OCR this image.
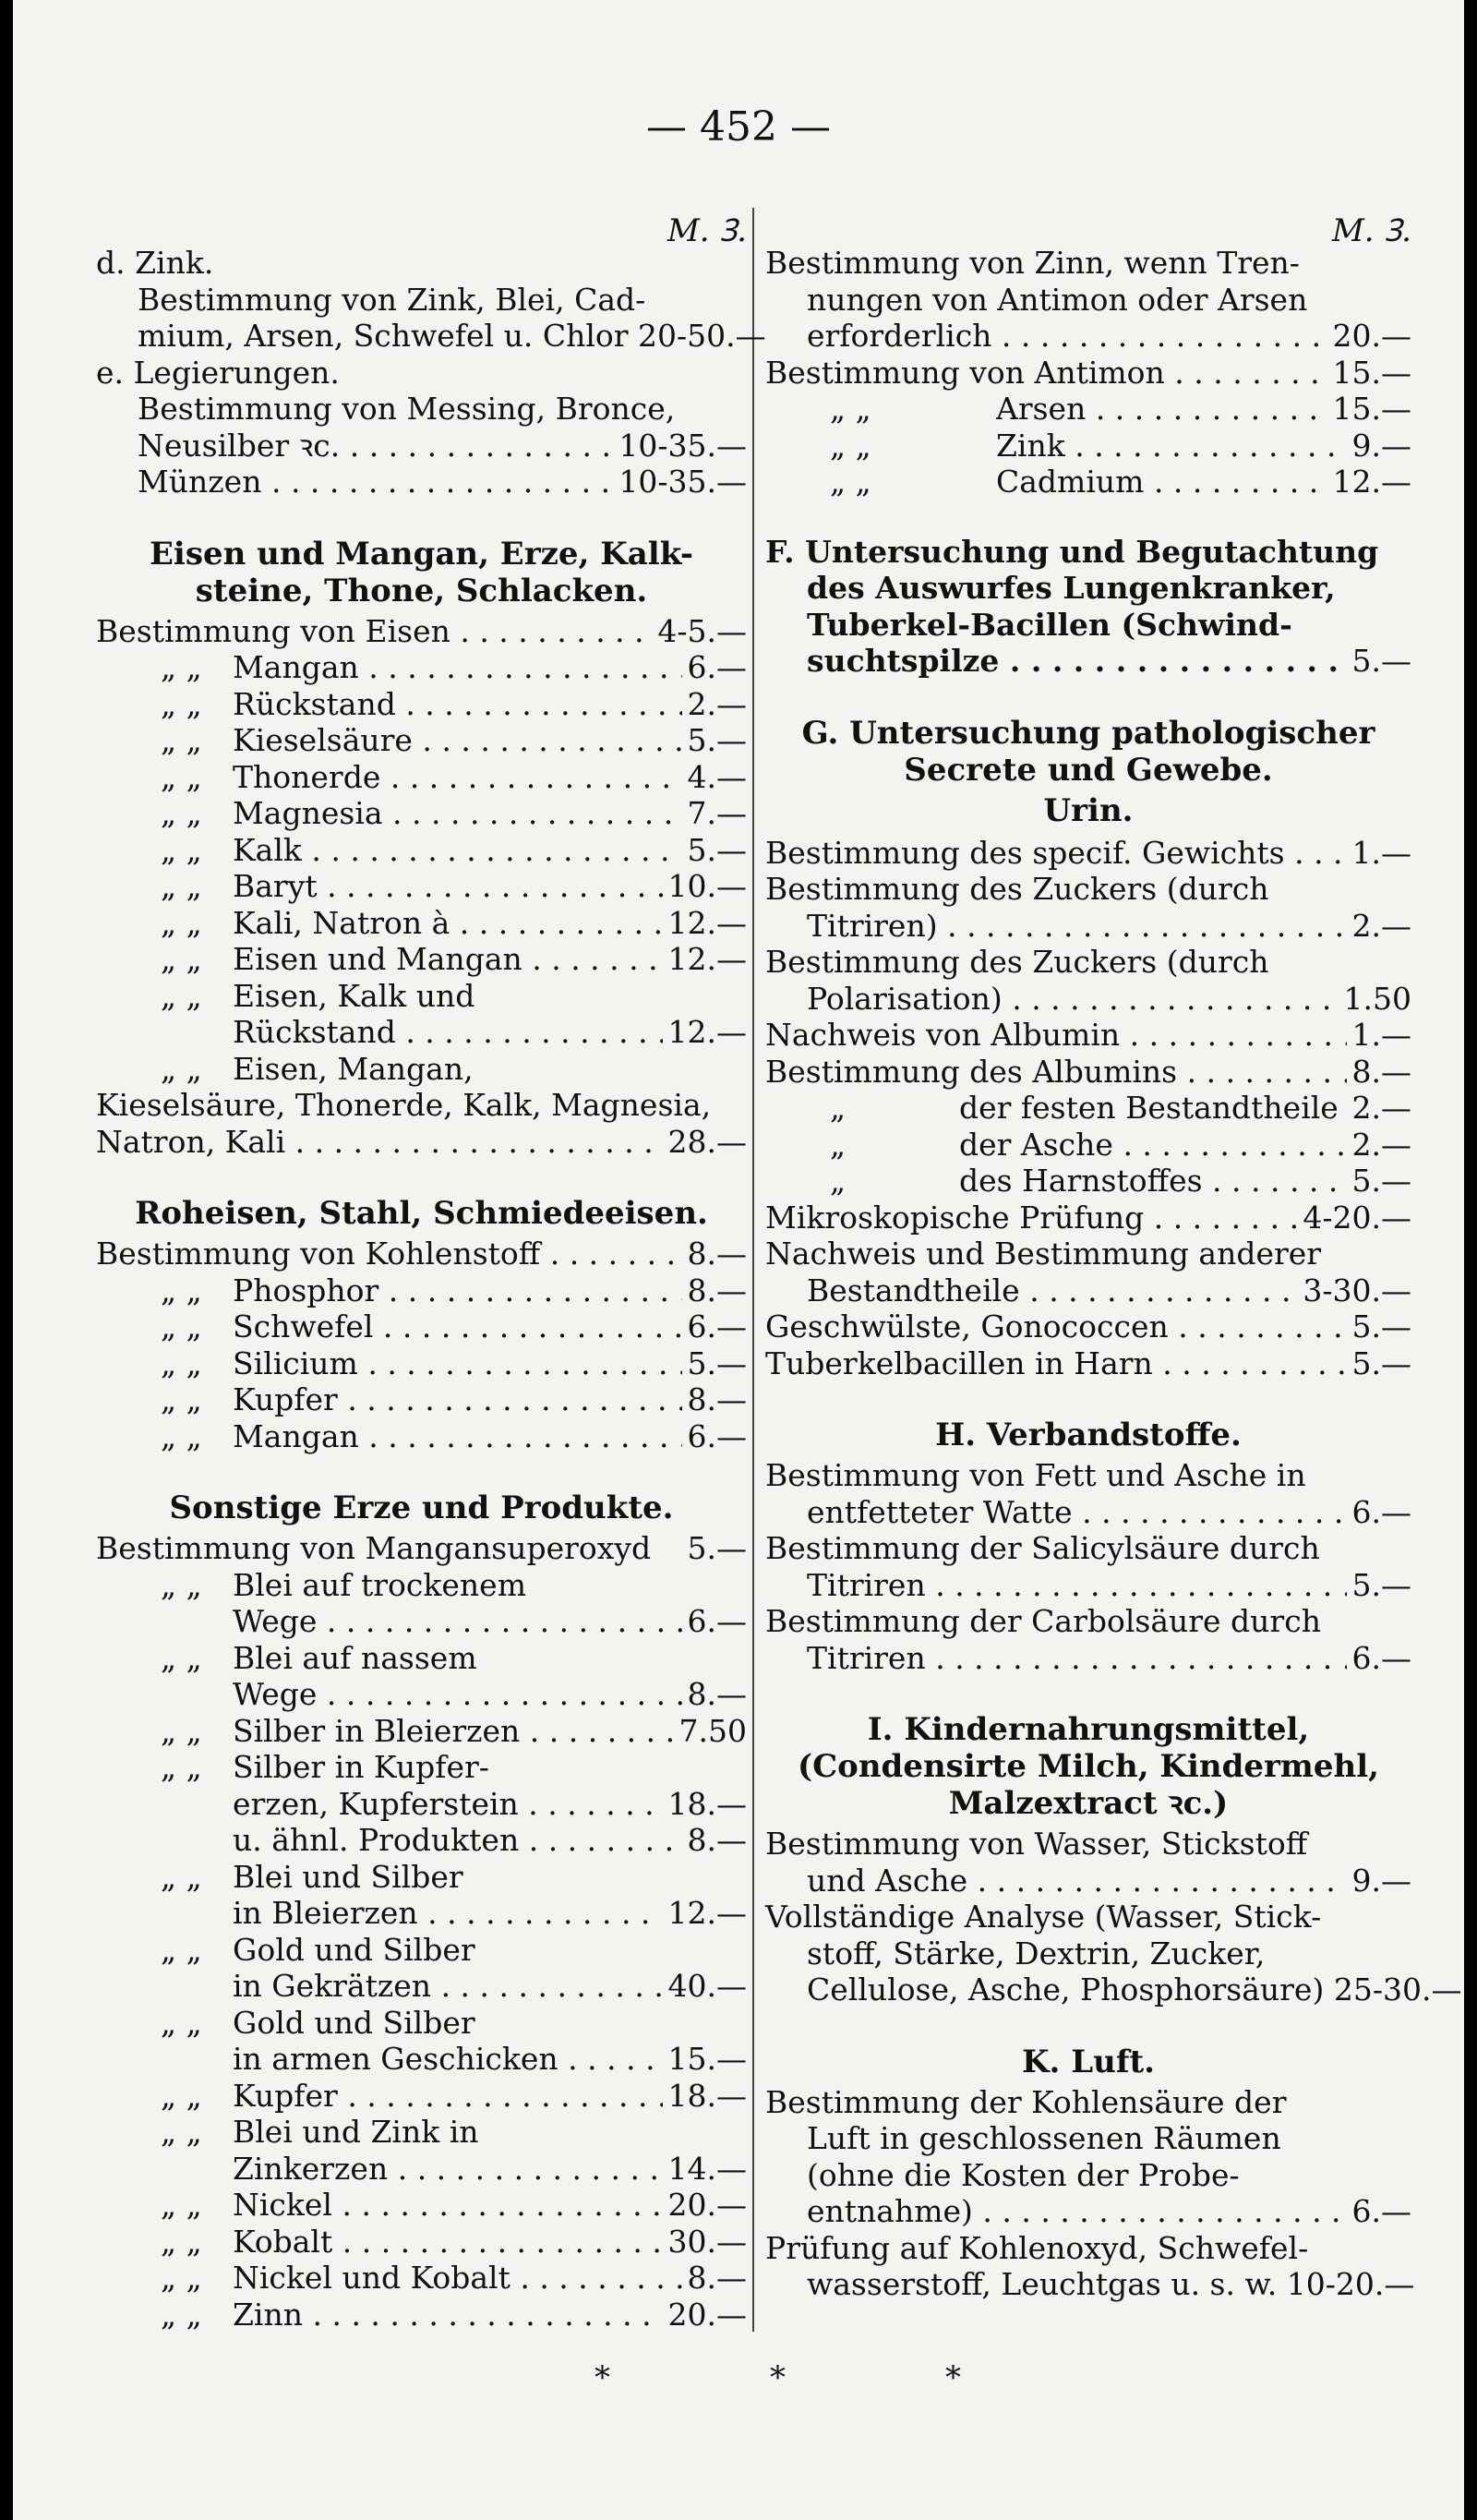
— 452 —
M. Ꝫ.
d. Zink.
Bestimmung von Zink, Blei, Cad-
mium, Arsen, Schwefel u. Chlor 20-50.—
e. Legierungen.
Bestimmung von Messing, Bronce,
Neusilber ꝛc. . . .	10-35.—
Münzen . . .	10-35.—
Eisen und Mangan, Erze, Kalk-
steine, Thone, Schlacken.
Bestimmung von Eisen . . .	4-5.—
„ „	Mangan . . .	6.—
„ „	Rückstand . . .	2.—
„ „	Kieselsäure . . .	5.—
„ „	Thonerde . . .	4.—
„ „	Magnesia . . .	7.—
„ „	Kalk . . .	5.—
„ „	Baryt . . .	10.—
„ „	Kali, Natron à . . .	12.—
„ „	Eisen und Mangan . . .	12.—
„ „ Eisen, Kalk und
Rückstand . . .	12.—
„ „ Eisen, Mangan,
Kieselsäure, Thonerde, Kalk, Magnesia,
Natron, Kali . . .	28.—
Roheisen, Stahl, Schmiedeeisen.
Bestimmung von Kohlenstoff . . .	8.—
„ „	Phosphor . . .	8.—
„ „	Schwefel . . .	6.—
„ „	Silicium . . .	5.—
„ „	Kupfer . . .	8.—
„ „	Mangan . . .	6.—
Sonstige Erze und Produkte.
Bestimmung von Mangansuperoxyd	5.—
„ „ Blei auf trockenem
Wege . . .	6.—
„ „ Blei auf nassem
Wege . . .	8.—
„ „	Silber in Bleierzen . . .	7.50
„ „ Silber in Kupfer-
erzen, Kupferstein . . .	18.—
u. ähnl. Produkten . . .	8.—
„ „ Blei und Silber
in Bleierzen . . .	12.—
„ „ Gold und Silber
in Gekrätzen . . .	40.—
„ „ Gold und Silber
in armen Geschicken . . .	15.—
„ „	Kupfer . . .	18.—
„ „ Blei und Zink in
Zinkerzen . . .	14.—
„ „	Nickel . . .	20.—
„ „	Kobalt . . .	30.—
„ „	Nickel und Kobalt . . .	8.—
„ „	Zinn . . .	20.—
M. Ꝫ.
Bestimmung von Zinn, wenn Tren-
nungen von Antimon oder Arsen
erforderlich . . .	20.—
Bestimmung von Antimon . . .	15.—
„ „	Arsen . . .	15.—
„ „	Zink . . .	9.—
„ „	Cadmium . . .	12.—
F. Untersuchung und Begutachtung
des Auswurfes Lungenkranker,
Tuberkel-Bacillen (Schwind-
suchtspilze . . .	5.—
G. Untersuchung pathologischer
Secrete und Gewebe.
Urin.
Bestimmung des specif. Gewichts . . .	1.—
Bestimmung des Zuckers (durch
Titriren) . . .	2.—
Bestimmung des Zuckers (durch
Polarisation) . . .	1.50
Nachweis von Albumin . . .	1.—
Bestimmung des Albumins . . .	8.—
„	der festen Bestandtheile . . . 2.—
„	der Asche . . .	2.—
„	des Harnstoffes . . .	5.—
Mikroskopische Prüfung . . .	4-20.—
Nachweis und Bestimmung anderer
Bestandtheile . . .	3-30.—
Geschwülste, Gonococcen . . .	5.—
Tuberkelbacillen in Harn . . .	5.—
H. Verbandstoffe.
Bestimmung von Fett und Asche in
entfetteter Watte . . .	6.—
Bestimmung der Salicylsäure durch
Titriren . . .	5.—
Bestimmung der Carbolsäure durch
Titriren . . .	6.—
I. Kindernahrungsmittel,
(Condensirte Milch, Kindermehl,
Malzextract ꝛc.)
Bestimmung von Wasser, Stickstoff
und Asche . . .	9.—
Vollständige Analyse (Wasser, Stick-
stoff, Stärke, Dextrin, Zucker,
Cellulose, Asche, Phosphorsäure) 25-30.—
K. Luft.
Bestimmung der Kohlensäure der
Luft in geschlossenen Räumen
(ohne die Kosten der Probe-
entnahme) . . .	6.—
Prüfung auf Kohlenoxyd, Schwefel-
wasserstoff, Leuchtgas u. s. w. 10-20.—
*	*	*
